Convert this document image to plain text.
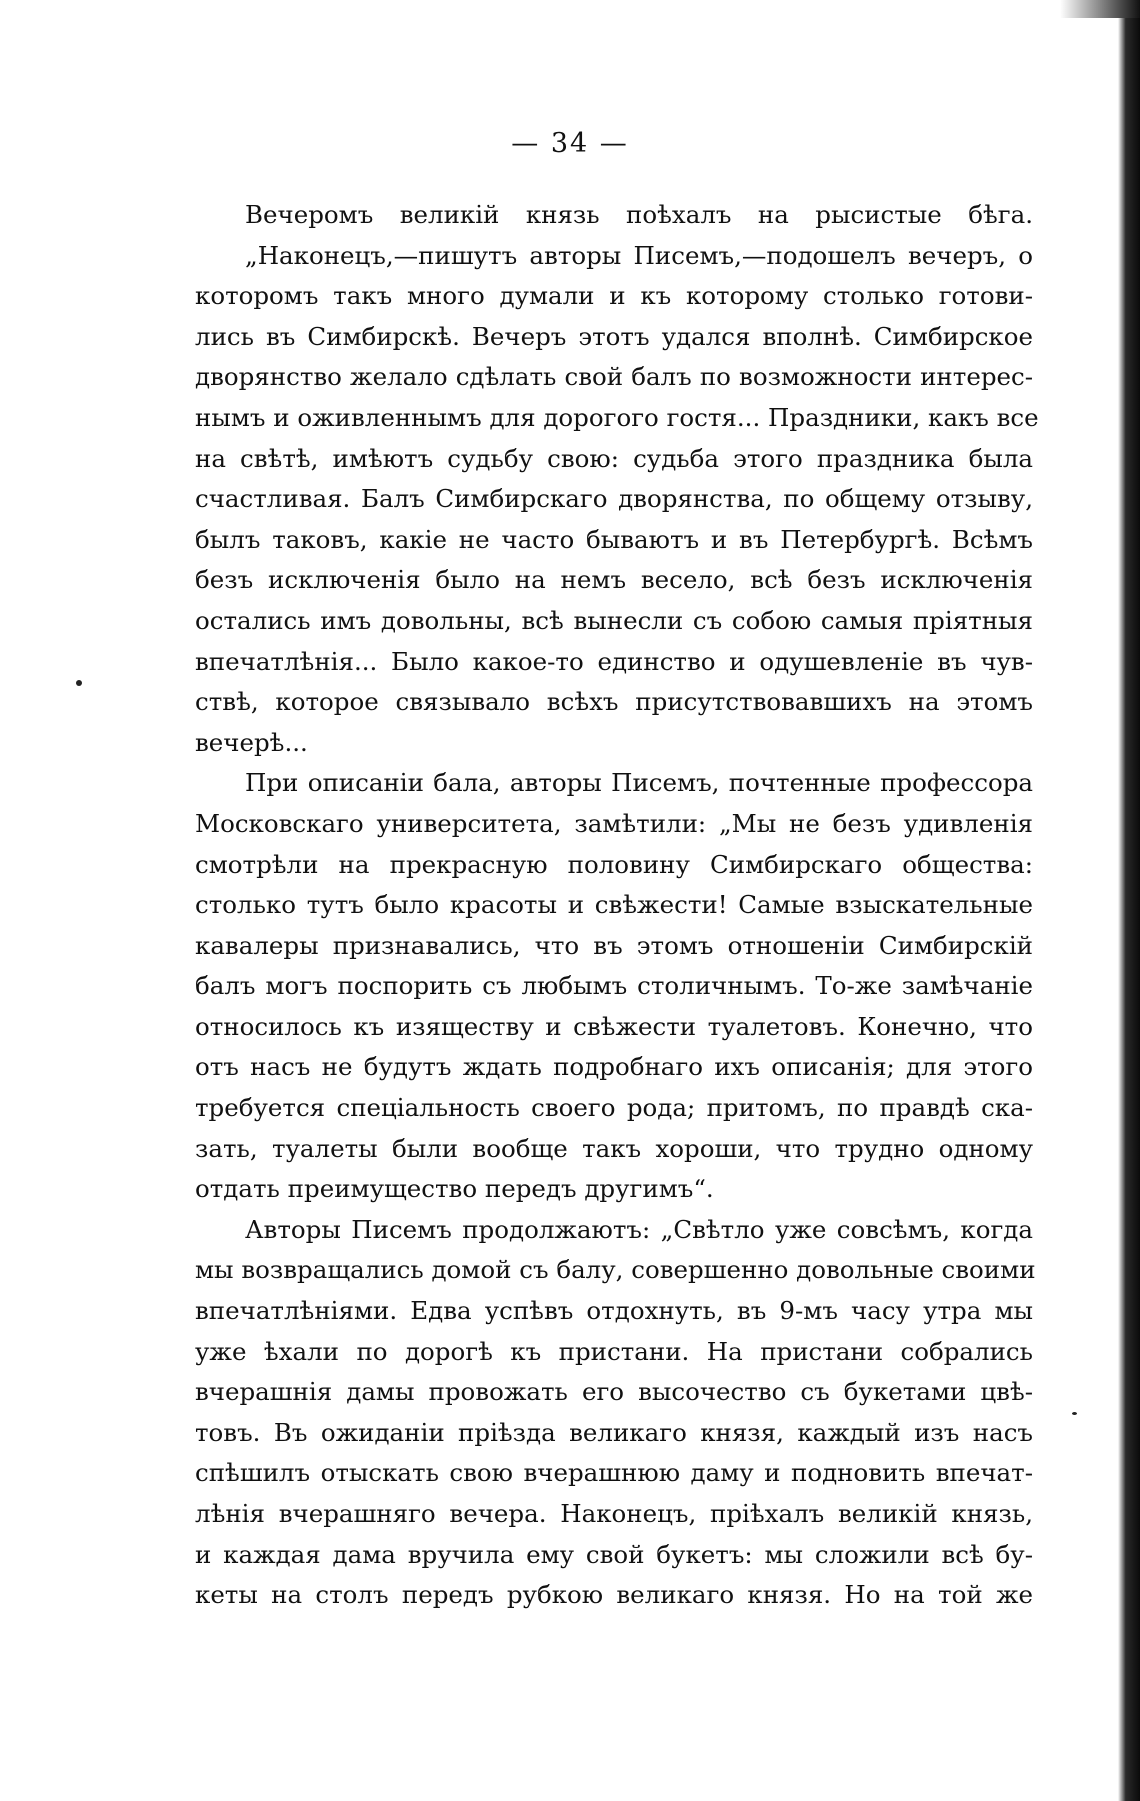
— 34 —
Вечеромъ великій князь поѣхалъ на рысистые бѣга.
„Наконецъ,—пишутъ авторы Писемъ,—подошелъ вечеръ, о
которомъ такъ много думали и къ которому столько готови-
лись въ Симбирскѣ. Вечеръ этотъ удался вполнѣ. Симбирское
дворянство желало сдѣлать свой балъ по возможности интерес-
нымъ и оживленнымъ для дорогого гостя... Праздники, какъ все
на свѣтѣ, имѣютъ судьбу свою: судьба этого праздника была
счастливая. Балъ Симбирскаго дворянства, по общему отзыву,
былъ таковъ, какіе не часто бываютъ и въ Петербургѣ. Всѣмъ
безъ исключенія было на немъ весело, всѣ безъ исключенія
остались имъ довольны, всѣ вынесли съ собою самыя пріятныя
впечатлѣнія... Было какое-то единство и одушевленіе въ чув-
ствѣ, которое связывало всѣхъ присутствовавшихъ на этомъ
вечерѣ...
При описаніи бала, авторы Писемъ, почтенные профессора
Московскаго университета, замѣтили: „Мы не безъ удивленія
смотрѣли на прекрасную половину Симбирскаго общества:
столько тутъ было красоты и свѣжести! Самые взыскательные
кавалеры признавались, что въ этомъ отношеніи Симбирскій
балъ могъ поспорить съ любымъ столичнымъ. То-же замѣчаніе
относилось къ изяществу и свѣжести туалетовъ. Конечно, что
отъ насъ не будутъ ждать подробнаго ихъ описанія; для этого
требуется спеціальность своего рода; притомъ, по правдѣ ска-
зать, туалеты были вообще такъ хороши, что трудно одному
отдать преимущество передъ другимъ“.
Авторы Писемъ продолжаютъ: „Свѣтло уже совсѣмъ, когда
мы возвращались домой съ балу, совершенно довольные своими
впечатлѣніями. Едва успѣвъ отдохнуть, въ 9-мъ часу утра мы
уже ѣхали по дорогѣ къ пристани. На пристани собрались
вчерашнія дамы провожать его высочество съ букетами цвѣ-
товъ. Въ ожиданіи пріѣзда великаго князя, каждый изъ насъ
спѣшилъ отыскать свою вчерашнюю даму и подновить впечат-
лѣнія вчерашняго вечера. Наконецъ, пріѣхалъ великій князь,
и каждая дама вручила ему свой букетъ: мы сложили всѣ бу-
кеты на столъ передъ рубкою великаго князя. Но на той же
